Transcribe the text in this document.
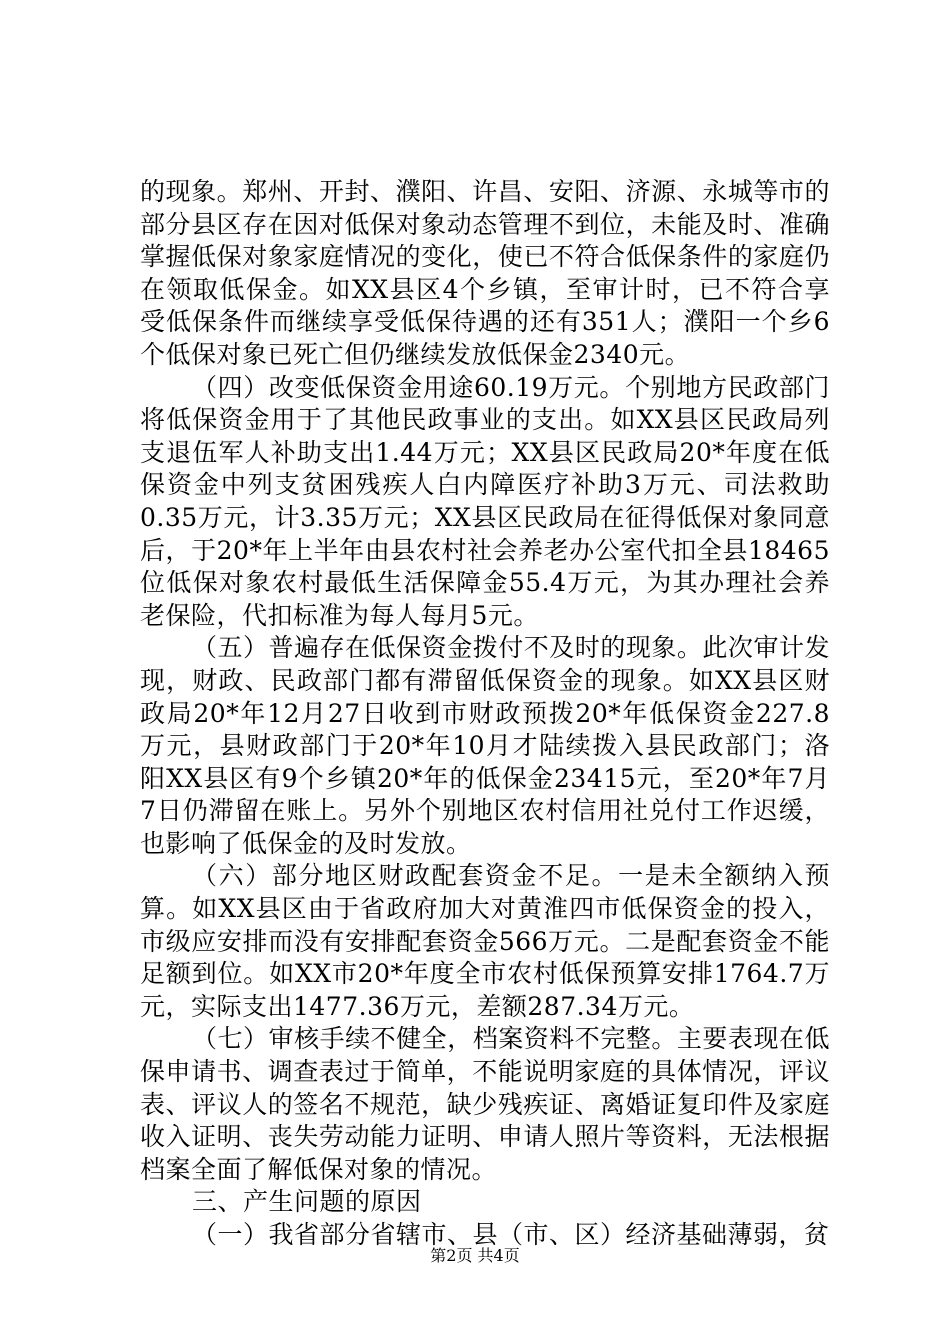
的现象。郑州、开封、濮阳、许昌、安阳、济源、永城等市的部分县区存在因对低保对象动态管理不到位，未能及时、准确掌握低保对象家庭情况的变化，使已不符合低保条件的家庭仍在领取低保金。如XX县区4个乡镇，至审计时，已不符合享受低保条件而继续享受低保待遇的还有351人；濮阳一个乡6个低保对象已死亡但仍继续发放低保金2340元。

（四）改变低保资金用途60.19万元。个别地方民政部门将低保资金用于了其他民政事业的支出。如XX县区民政局列支退伍军人补助支出1.44万元；XX县区民政局20*年度在低保资金中列支贫困残疾人白内障医疗补助3万元、司法救助0.35万元，计3.35万元；XX县区民政局在征得低保对象同意后，于20*年上半年由县农村社会养老办公室代扣全县18465位低保对象农村最低生活保障金55.4万元，为其办理社会养老保险，代扣标准为每人每月5元。

（五）普遍存在低保资金拨付不及时的现象。此次审计发现，财政、民政部门都有滞留低保资金的现象。如XX县区财政局20*年12月27日收到市财政预拨20*年低保资金227.8万元，县财政部门于20*年10月才陆续拨入县民政部门；洛阳XX县区有9个乡镇20*年的低保金23415元，至20*年7月7日仍滞留在账上。另外个别地区农村信用社兑付工作迟缓，也影响了低保金的及时发放。

（六）部分地区财政配套资金不足。一是未全额纳入预算。如XX县区由于省政府加大对黄淮四市低保资金的投入，市级应安排而没有安排配套资金566万元。二是配套资金不能足额到位。如XX市20*年度全市农村低保预算安排1764.7万元，实际支出1477.36万元，差额287.34万元。

（七）审核手续不健全，档案资料不完整。主要表现在低保申请书、调查表过于简单，不能说明家庭的具体情况，评议表、评议人的签名不规范，缺少残疾证、离婚证复印件及家庭收入证明、丧失劳动能力证明、申请人照片等资料，无法根据档案全面了解低保对象的情况。

三、产生问题的原因

（一）我省部分省辖市、县（市、区）经济基础薄弱，贫

第2页 共4页
